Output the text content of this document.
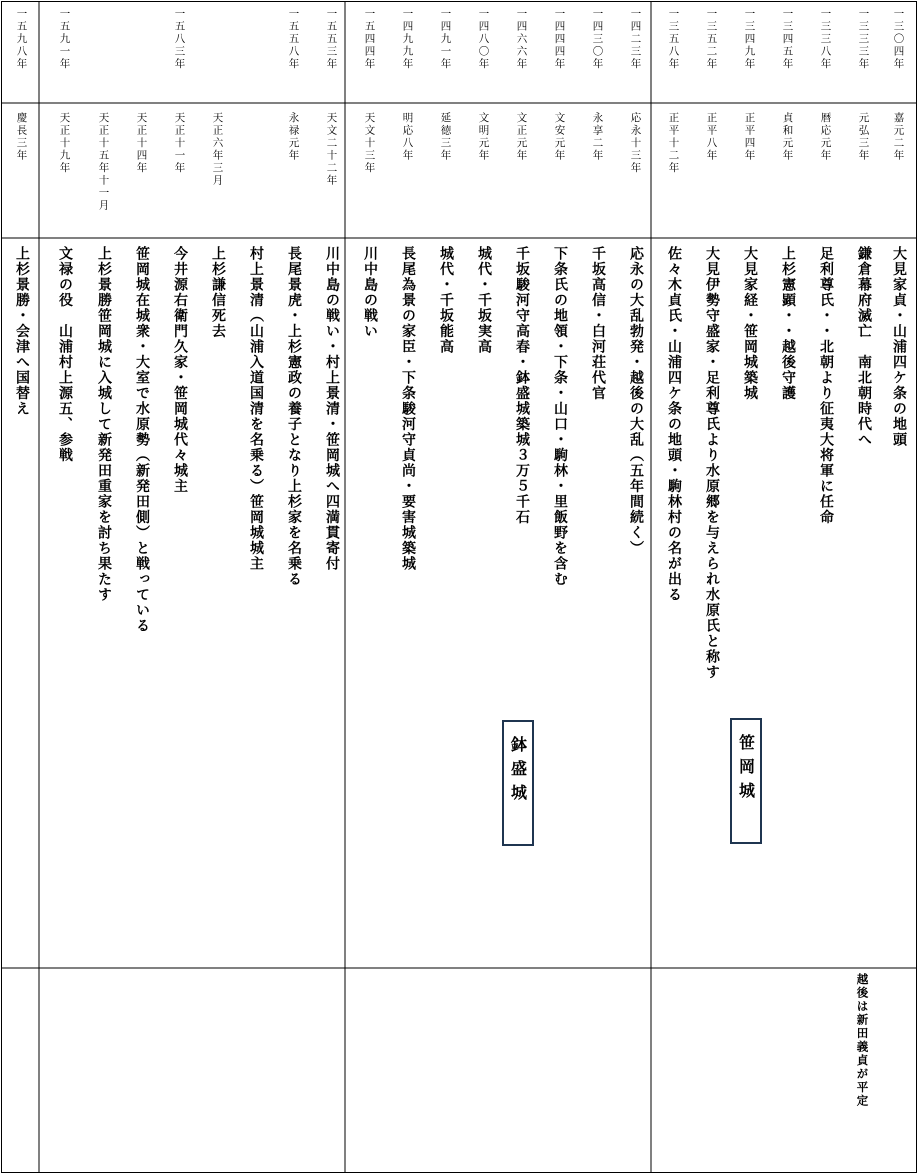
一三〇四年
嘉元二年
大見家貞・山浦四ケ条の地頭
一三三三年
元弘三年
鎌倉幕府滅亡　南北朝時代へ
一三三八年
暦応元年
足利尊氏・・北朝より征夷大将軍に任命
一三四五年
貞和元年
上杉憲顕・・越後守護
一三四九年
正平四年
大見家経・笹岡城築城
一三五二年
正平八年
大見伊勢守盛家・足利尊氏より水原郷を与えられ水原氏と称す
一三五八年
正平十二年
佐々木貞氏・山浦四ケ条の地頭・駒林村の名が出る
一四二三年
応永十三年
応永の大乱勃発・越後の大乱（五年間続く）
一四三〇年
永享二年
千坂高信・白河荘代官
一四四四年
文安元年
下条氏の地領・下条・山口・駒林・里飯野を含む
一四六六年
文正元年
千坂駿河守高春・鉢盛城築城３万５千石
一四八〇年
文明元年
城代・千坂実高
一四九一年
延徳三年
城代・千坂能高
一四九九年
明応八年
長尾為景の家臣・下条駿河守貞尚・要害城築城
一五四四年
天文十三年
川中島の戦い
一五五三年
天文二十二年
川中島の戦い・村上景清・笹岡城へ四満貫寄付
一五五八年
永禄元年
長尾景虎・上杉憲政の養子となり上杉家を名乗る
村上景清（山浦入道国清を名乗る）笹岡城城主
天正六年三月
上杉謙信死去
一五八三年
天正十一年
今井源右衛門久家・笹岡城代々城主
天正十四年
笹岡城在城衆・大室で水原勢（新発田側）と戦っている
天正十五年十一月
上杉景勝笹岡城に入城して新発田重家を討ち果たす
一五九一年
天正十九年
文禄の役　山浦村上源五、参戦
一五九八年
慶長三年
上杉景勝・会津へ国替え
越後は新田義貞が平定
笹岡城
鉢盛城
